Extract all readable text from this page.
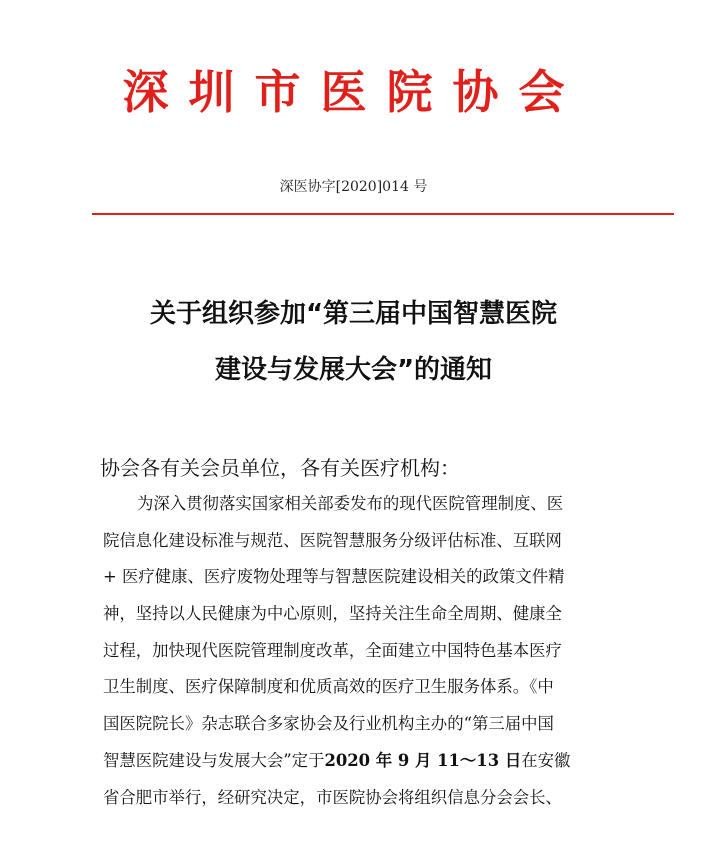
深圳市医院协会
深医协字[2020]014 号
关于组织参加“第三届中国智慧医院
建设与发展大会”的通知
协会各有关会员单位，各有关医疗机构：
为深入贯彻落实国家相关部委发布的现代医院管理制度、医
院信息化建设标准与规范、医院智慧服务分级评估标准、互联网
+ 医疗健康、医疗废物处理等与智慧医院建设相关的政策文件精
神，坚持以人民健康为中心原则，坚持关注生命全周期、健康全
过程，加快现代医院管理制度改革，全面建立中国特色基本医疗
卫生制度、医疗保障制度和优质高效的医疗卫生服务体系。《中
国医院院长》杂志联合多家协会及行业机构主办的“第三届中国
智慧医院建设与发展大会”定于2020 年 9 月 11～13 日在安徽
省合肥市举行，经研究决定，市医院协会将组织信息分会会长、
